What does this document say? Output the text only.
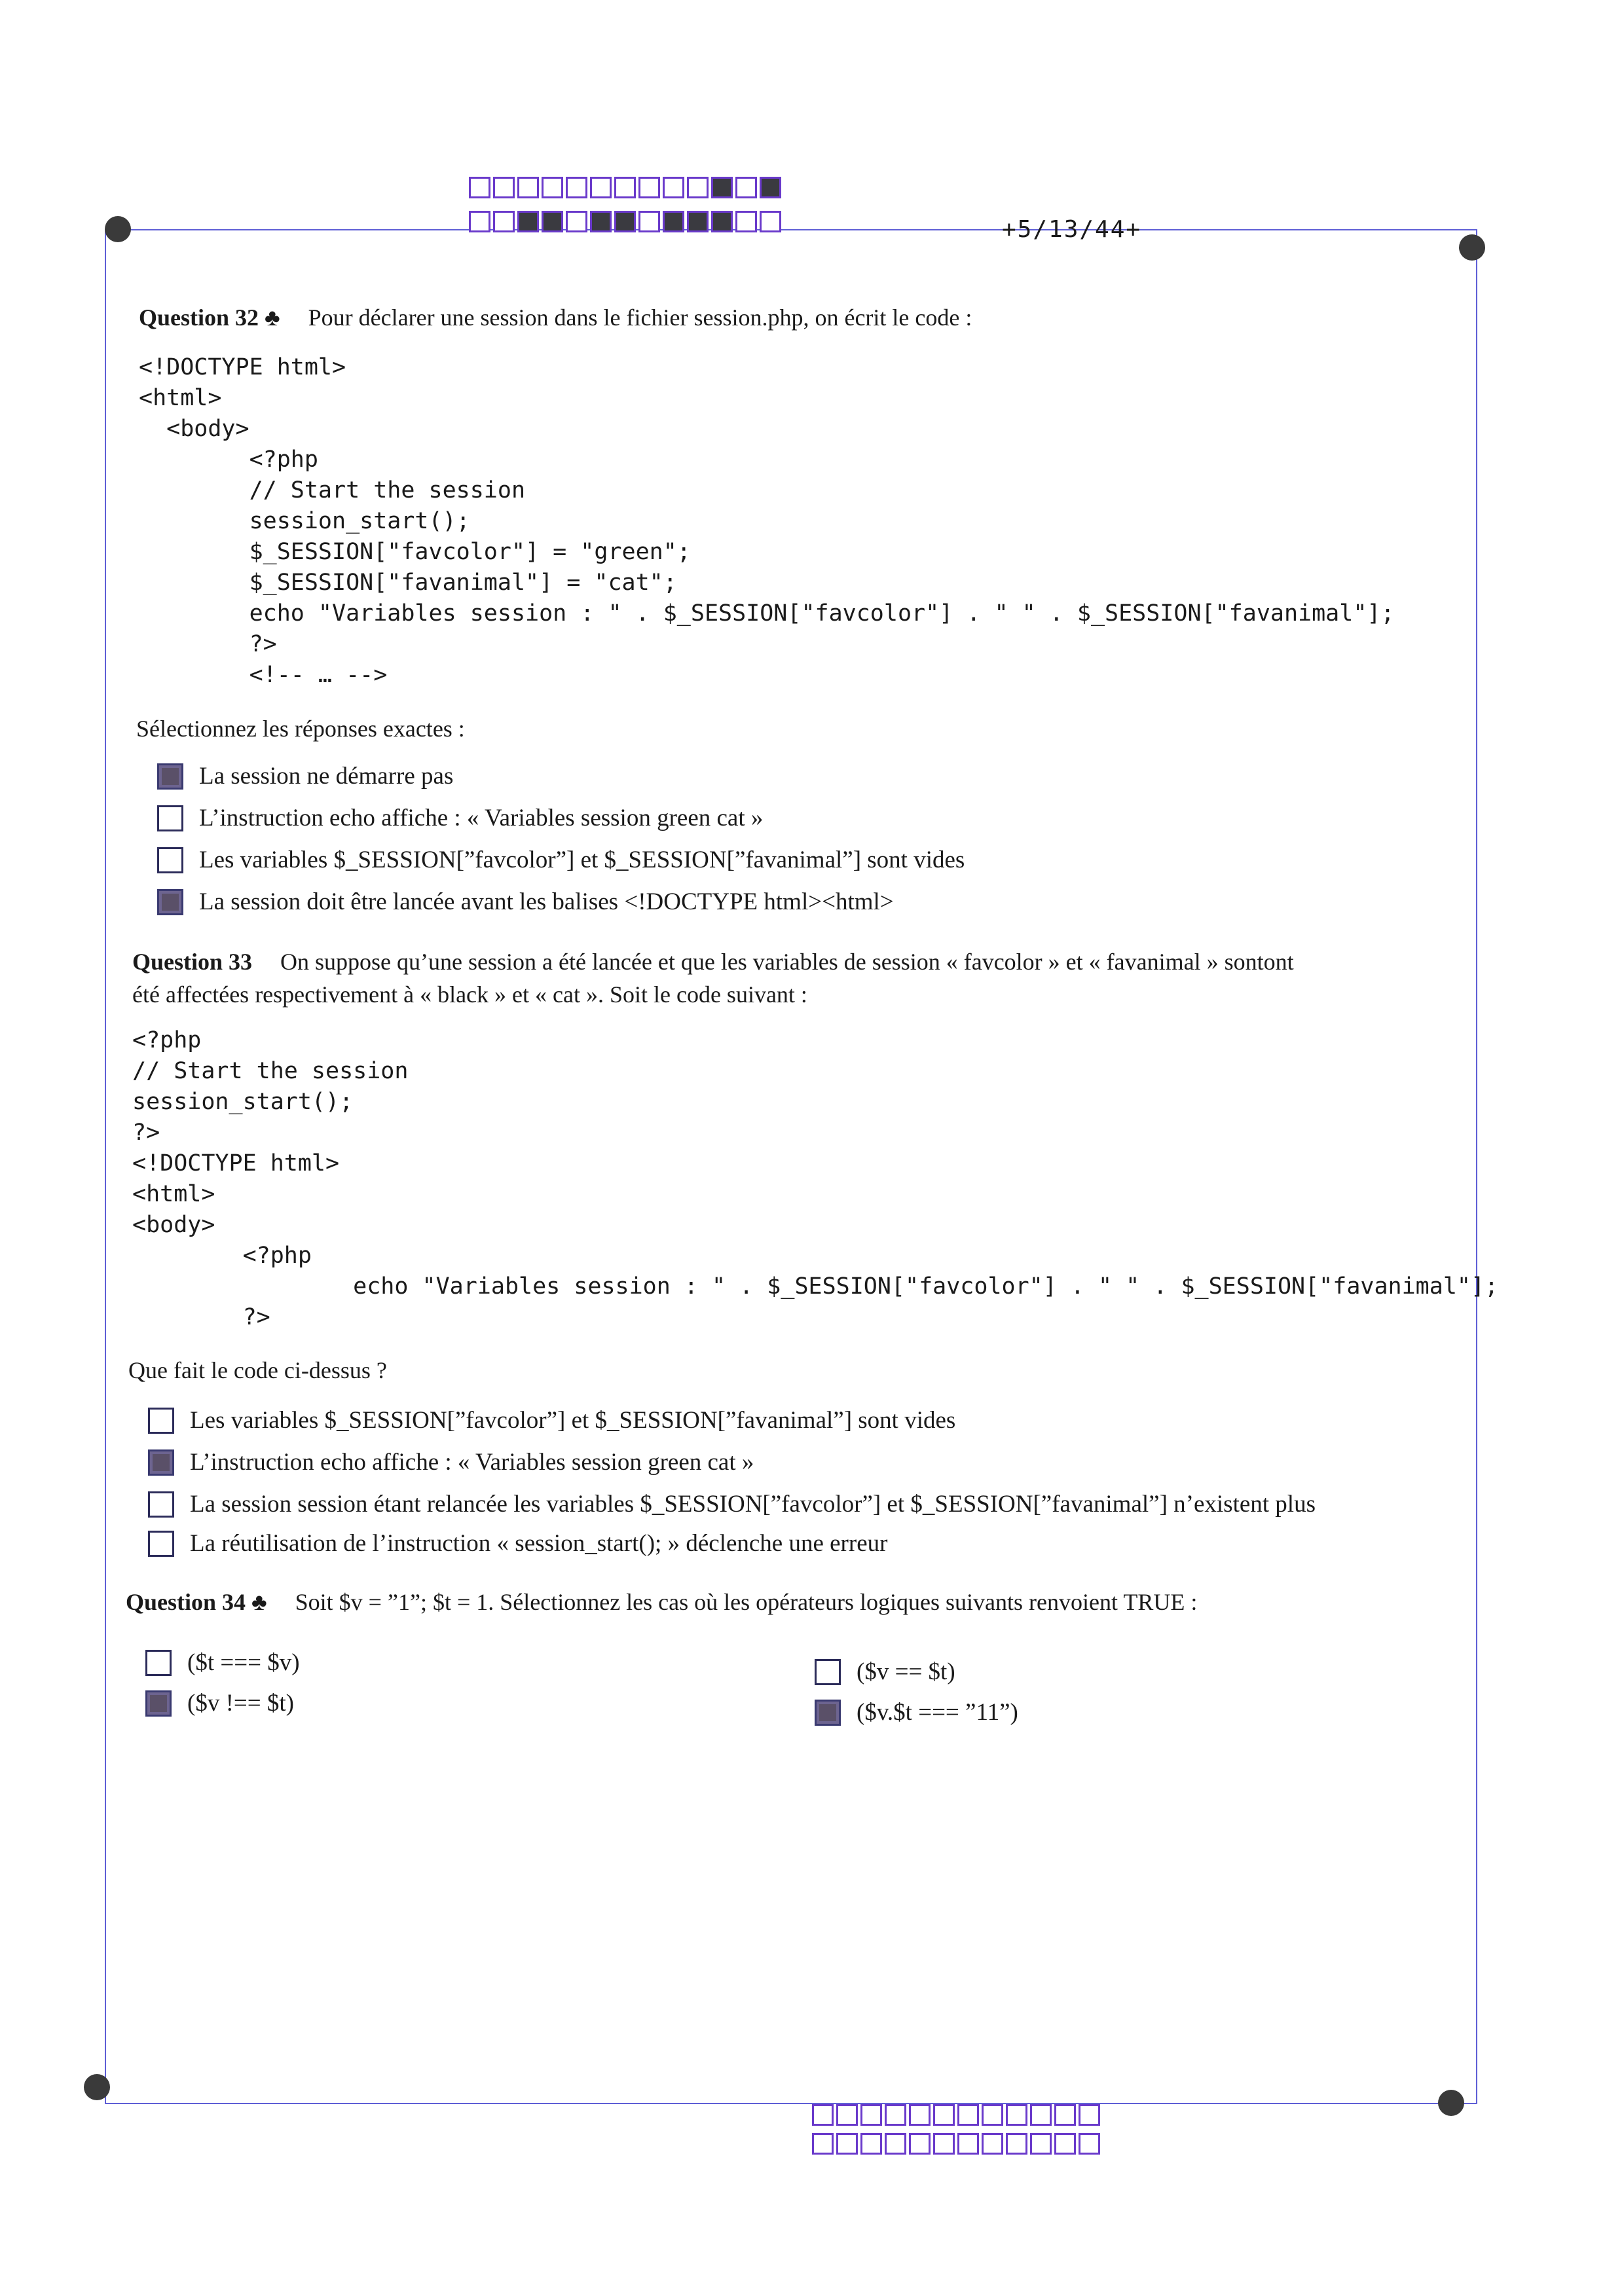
+5/13/44+
Question 32 ♣ Pour déclarer une session dans le fichier session.php, on écrit le code :
<!DOCTYPE html>
<html>
<body>
<?php
// Start the session
session_start();
$_SESSION["favcolor"] = "green";
$_SESSION["favanimal"] = "cat";
echo "Variables session : " . $_SESSION["favcolor"] . " " . $_SESSION["favanimal"];
?>
<!-- … -->
Sélectionnez les réponses exactes :
La session ne démarre pas
L’instruction echo affiche : « Variables session green cat »
Les variables $_SESSION[”favcolor”] et $_SESSION[”favanimal”] sont vides
La session doit être lancée avant les balises <!DOCTYPE html><html>
Question 33 On suppose qu’une session a été lancée et que les variables de session « favcolor » et « favanimal » sontont
été affectées respectivement à « black » et « cat ». Soit le code suivant :
<?php
// Start the session
session_start();
?>
<!DOCTYPE html>
<html>
<body>
<?php
echo "Variables session : " . $_SESSION["favcolor"] . " " . $_SESSION["favanimal"];
?>
Que fait le code ci-dessus ?
Les variables $_SESSION[”favcolor”] et $_SESSION[”favanimal”] sont vides
L’instruction echo affiche : « Variables session green cat »
La session session étant relancée les variables $_SESSION[”favcolor”] et $_SESSION[”favanimal”] n’existent plus
La réutilisation de l’instruction « session_start(); » déclenche une erreur
Question 34 ♣ Soit $v = ”1”; $t = 1. Sélectionnez les cas où les opérateurs logiques suivants renvoient TRUE :
($t === $v)
($v !== $t)
($v == $t)
($v.$t === ”11”)
